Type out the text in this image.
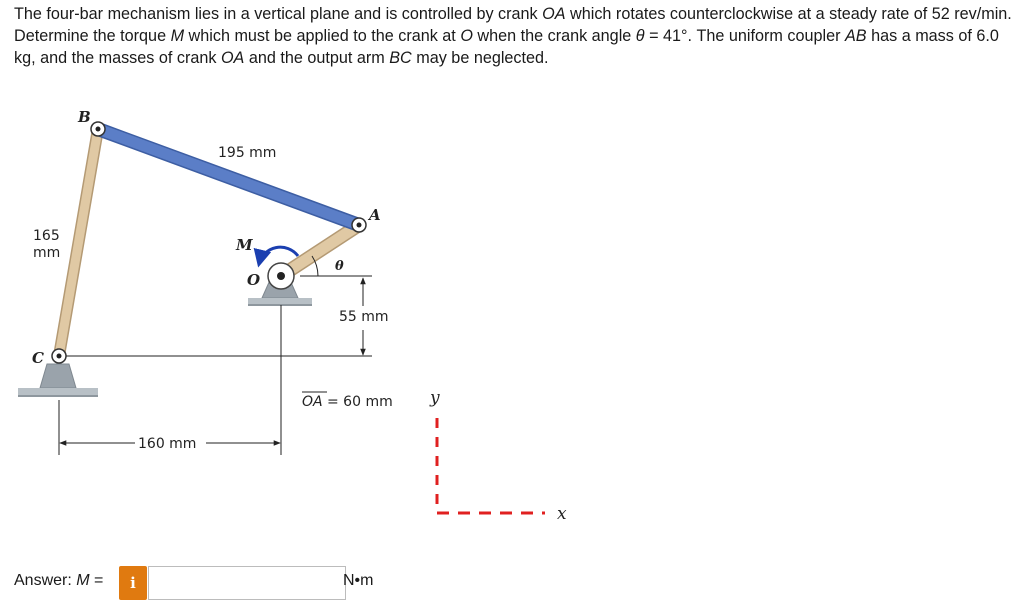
The four-bar mechanism lies in a vertical plane and is controlled by crank OA which rotates counterclockwise at a steady rate of 52 rev/min. Determine the torque M which must be applied to the crank at O when the crank angle θ = 41°. The uniform coupler AB has a mass of 6.0 kg, and the masses of crank OA and the output arm BC may be neglected.

B
A
C
O
M
θ
195 mm
165
mm
55 mm
160 mm
OA = 60 mm y
x
Answer: M =	i	N•m
